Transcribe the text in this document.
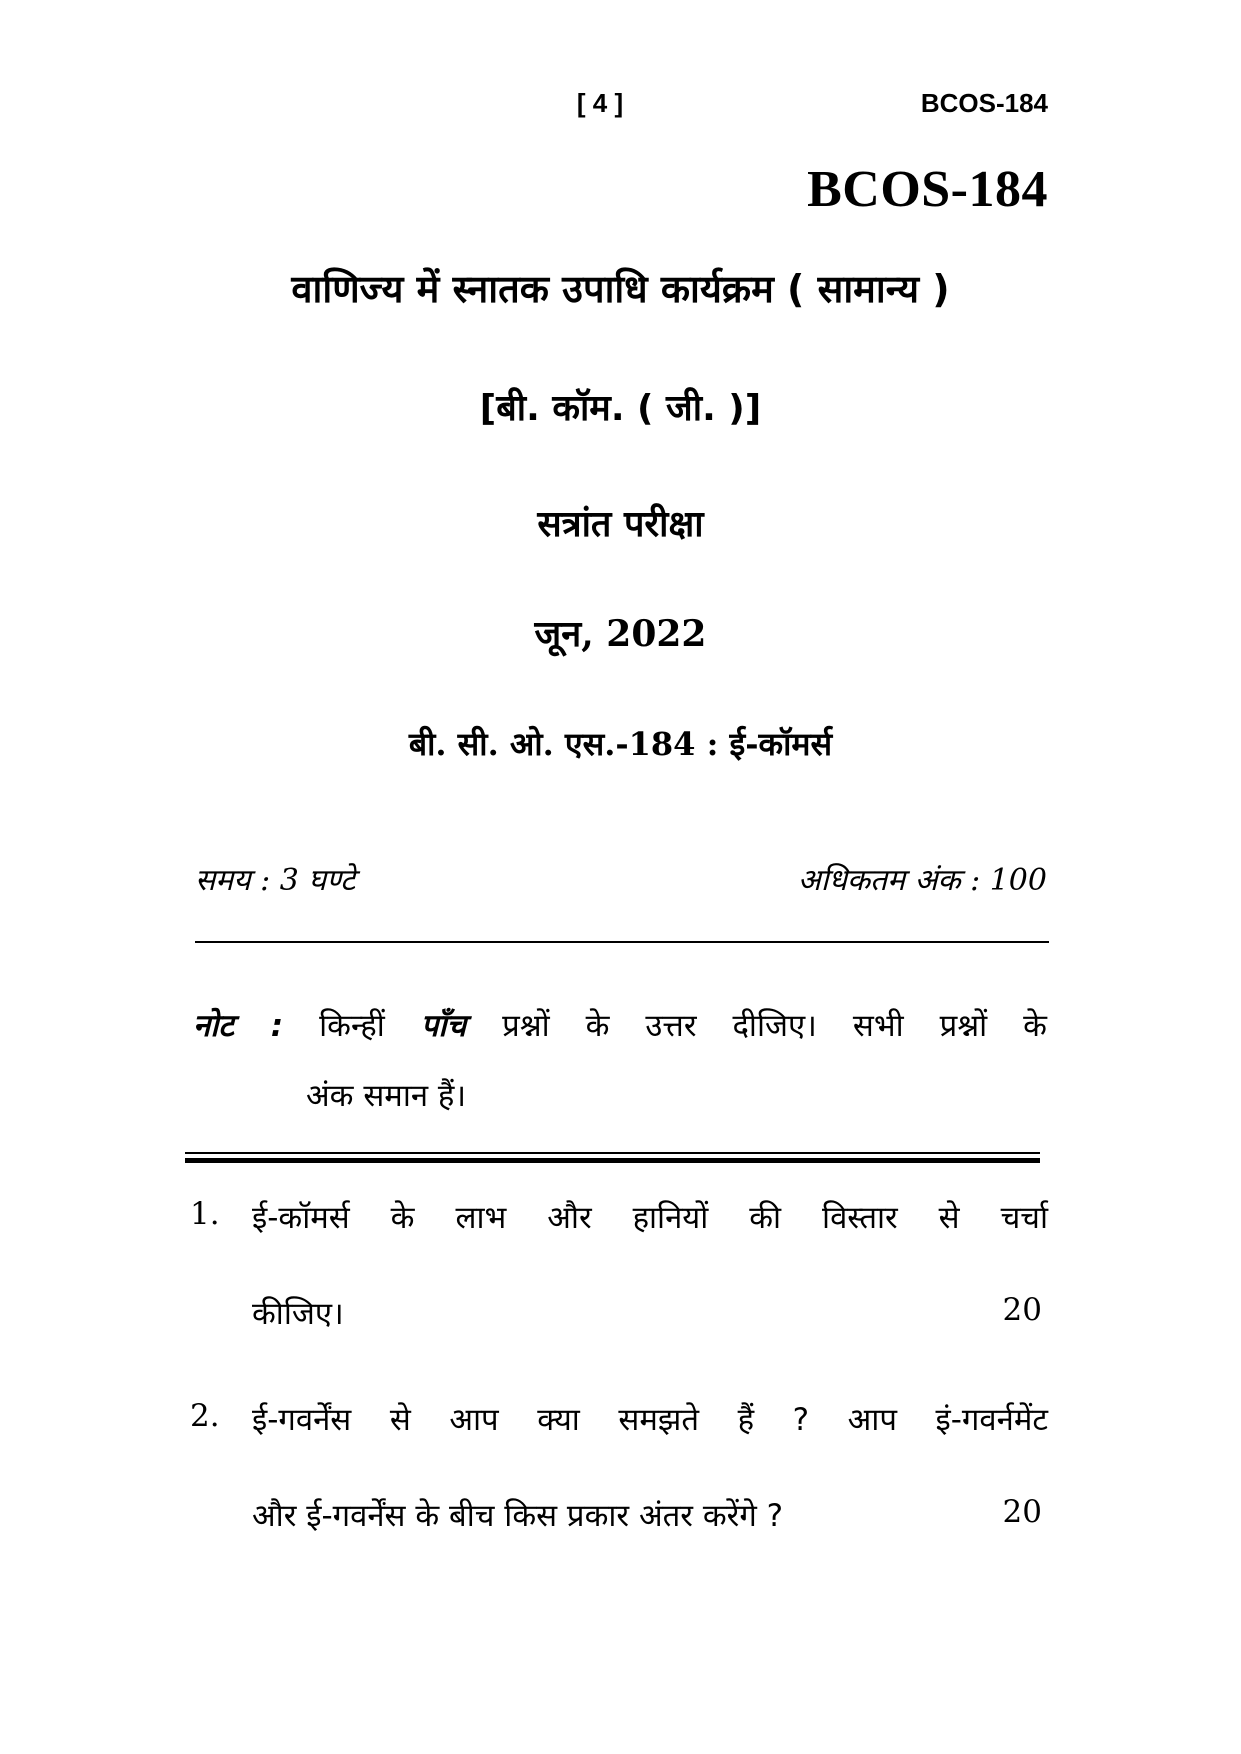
[ 4 ]	BCOS-184
BCOS-184
वाणिज्य में स्नातक उपाधि कार्यक्रम ( सामान्य )
[बी. कॉम. ( जी. )]
सत्रांत परीक्षा
जून, 2022
बी. सी. ओ. एस.-184 : ई-कॉमर्स
समय : 3 घण्टे	अधिकतम अंक : 100
नोट : किन्हीं पाँच प्रश्नों के उत्तर दीजिए। सभी प्रश्नों के
अंक समान हैं।
1. ई-कॉमर्स के लाभ और हानियों की विस्तार से चर्चा
कीजिए।	20
2. ई-गवर्नेंस से आप क्या समझते हैं ? आप इं-गवर्नमेंट
और ई-गवर्नेंस के बीच किस प्रकार अंतर करेंगे ?	20
